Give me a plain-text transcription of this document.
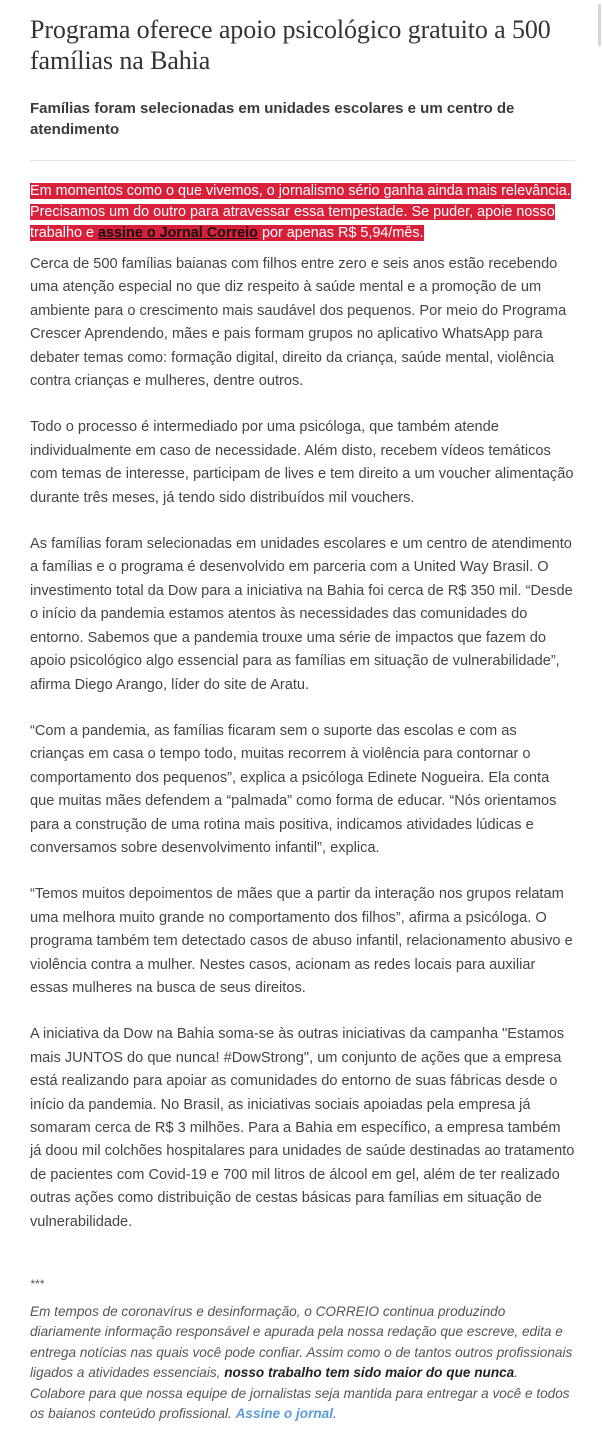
Programa oferece apoio psicológico gratuito a 500 famílias na Bahia
Famílias foram selecionadas em unidades escolares e um centro de atendimento

Em momentos como o que vivemos, o jornalismo sério ganha ainda mais relevância. Precisamos um do outro para atravessar essa tempestade. Se puder, apoie nosso trabalho e assine o Jornal Correio por apenas R$ 5,94/mês.

Cerca de 500 famílias baianas com filhos entre zero e seis anos estão recebendo uma atenção especial no que diz respeito à saúde mental e a promoção de um ambiente para o crescimento mais saudável dos pequenos. Por meio do Programa Crescer Aprendendo, mães e pais formam grupos no aplicativo WhatsApp para debater temas como: formação digital, direito da criança, saúde mental, violência contra crianças e mulheres, dentre outros.

Todo o processo é intermediado por uma psicóloga, que também atende individualmente em caso de necessidade. Além disto, recebem vídeos temáticos com temas de interesse, participam de lives e tem direito a um voucher alimentação durante três meses, já tendo sido distribuídos mil vouchers.

As famílias foram selecionadas em unidades escolares e um centro de atendimento a famílias e o programa é desenvolvido em parceria com a United Way Brasil. O investimento total da Dow para a iniciativa na Bahia foi cerca de R$ 350 mil. “Desde o início da pandemia estamos atentos às necessidades das comunidades do entorno. Sabemos que a pandemia trouxe uma série de impactos que fazem do apoio psicológico algo essencial para as famílias em situação de vulnerabilidade”, afirma Diego Arango, líder do site de Aratu.

“Com a pandemia, as famílias ficaram sem o suporte das escolas e com as crianças em casa o tempo todo, muitas recorrem à violência para contornar o comportamento dos pequenos”, explica a psicóloga Edinete Nogueira. Ela conta que muitas mães defendem a “palmada” como forma de educar. “Nós orientamos para a construção de uma rotina mais positiva, indicamos atividades lúdicas e conversamos sobre desenvolvimento infantil”, explica.

“Temos muitos depoimentos de mães que a partir da interação nos grupos relatam uma melhora muito grande no comportamento dos filhos”, afirma a psicóloga. O programa também tem detectado casos de abuso infantil, relacionamento abusivo e violência contra a mulher. Nestes casos, acionam as redes locais para auxiliar essas mulheres na busca de seus direitos.

A iniciativa da Dow na Bahia soma-se às outras iniciativas da campanha "Estamos mais JUNTOS do que nunca! #DowStrong", um conjunto de ações que a empresa está realizando para apoiar as comunidades do entorno de suas fábricas desde o início da pandemia. No Brasil, as iniciativas sociais apoiadas pela empresa já somaram cerca de R$ 3 milhões. Para a Bahia em específico, a empresa também já doou mil colchões hospitalares para unidades de saúde destinadas ao tratamento de pacientes com Covid-19 e 700 mil litros de álcool em gel, além de ter realizado outras ações como distribuição de cestas básicas para famílias em situação de vulnerabilidade.

***

Em tempos de coronavírus e desinformação, o CORREIO continua produzindo diariamente informação responsável e apurada pela nossa redação que escreve, edita e entrega notícias nas quais você pode confiar. Assim como o de tantos outros profissionais ligados a atividades essenciais, nosso trabalho tem sido maior do que nunca. Colabore para que nossa equipe de jornalistas seja mantida para entregar a você e todos os baianos conteúdo profissional. Assine o jornal.
